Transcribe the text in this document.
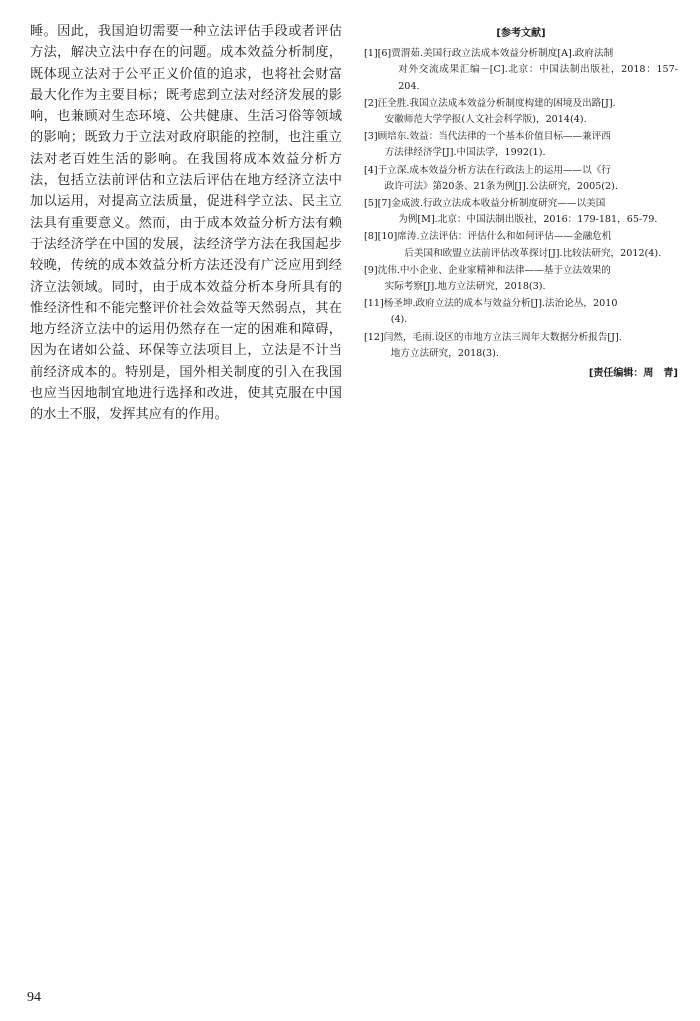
睡。因此，我国迫切需要一种立法评估手段或者评估方法，解决立法中存在的问题。成本效益分析制度，既体现立法对于公平正义价值的追求，也将社会财富最大化作为主要目标；既考虑到立法对经济发展的影响，也兼顾对生态环境、公共健康、生活习俗等领域的影响；既致力于立法对政府职能的控制，也注重立法对老百姓生活的影响。在我国将成本效益分析方法，包括立法前评估和立法后评估在地方经济立法中加以运用，对提高立法质量，促进科学立法、民主立法具有重要意义。然而，由于成本效益分析方法有赖于法经济学在中国的发展，法经济学方法在我国起步较晚，传统的成本效益分析方法还没有广泛应用到经济立法领域。同时，由于成本效益分析本身所具有的惟经济性和不能完整评价社会效益等天然弱点，其在地方经济立法中的运用仍然存在一定的困难和障碍，因为在诸如公益、环保等立法项目上，立法是不计当前经济成本的。特别是，国外相关制度的引入在我国也应当因地制宜地进行选择和改进，使其克服在中国的水土不服，发挥其应有的作用。

[参考文献]
[1][6] 贾渭茹.美国行政立法成本效益分析制度[A].政府法制
对外交流成果汇编－[C].北京：中国法制出版社，2018：157-204.
[2] 汪全胜.我国立法成本效益分析制度构建的困境及出路[J].
安徽师范大学学报(人文社会科学版)，2014(4).
[3] 顾培东.效益：当代法律的一个基本价值目标——兼评西
方法律经济学[J].中国法学，1992(1).
[4] 于立深.成本效益分析方法在行政法上的运用——以《行
政许可法》第20条、21条为例[J].公法研究，2005(2).
[5][7] 金成波.行政立法成本收益分析制度研究——以美国
为例[M].北京：中国法制出版社，2016：179-181，65-79.
[8][10] 席涛.立法评估：评估什么和如何评估——金融危机
后美国和欧盟立法前评估改革探讨[J].比较法研究，2012(4).
[9] 沈伟.中小企业、企业家精神和法律——基于立法效果的
实际考察[J].地方立法研究，2018(3).
[11] 杨圣坤.政府立法的成本与效益分析[J].法治论丛，2010
(4).
[12] 闫然，毛雨.设区的市地方立法三周年大数据分析报告[J].
地方立法研究，2018(3).
[责任编辑：周　青]
94
